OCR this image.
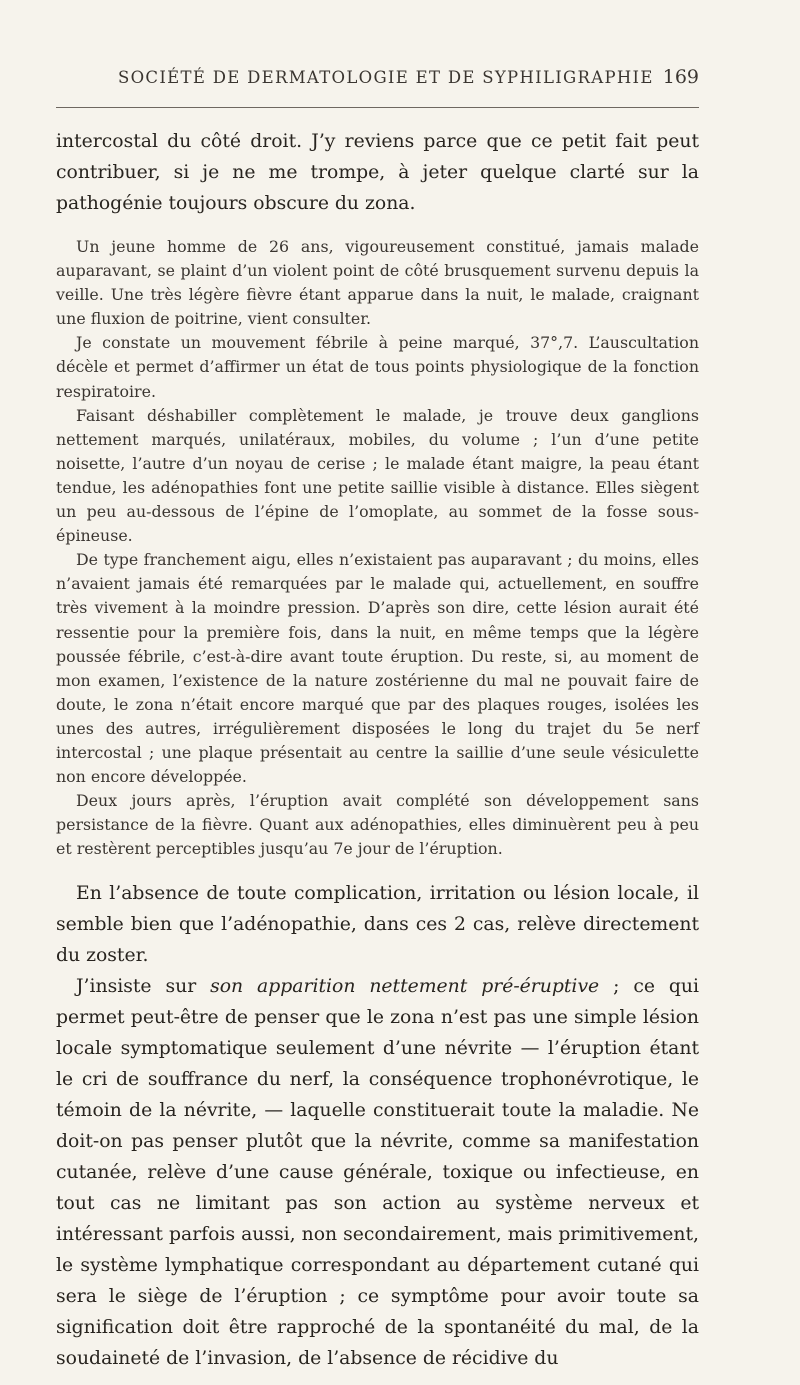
SOCIÉTÉ DE DERMATOLOGIE ET DE SYPHILIGRAPHIE 169

intercostal du côté droit. J’y reviens parce que ce petit fait peut contribuer, si je ne me trompe, à jeter quelque clarté sur la pathogénie toujours obscure du zona.

Un jeune homme de 26 ans, vigoureusement constitué, jamais malade auparavant, se plaint d’un violent point de côté brusquement survenu depuis la veille. Une très légère fièvre étant apparue dans la nuit, le malade, craignant une fluxion de poitrine, vient consulter.

Je constate un mouvement fébrile à peine marqué, 37°,7. L’auscultation décèle et permet d’affirmer un état de tous points physiologique de la fonction respiratoire.

Faisant déshabiller complètement le malade, je trouve deux ganglions nettement marqués, unilatéraux, mobiles, du volume ; l’un d’une petite noisette, l’autre d’un noyau de cerise ; le malade étant maigre, la peau étant tendue, les adénopathies font une petite saillie visible à distance. Elles siègent un peu au-dessous de l’épine de l’omoplate, au sommet de la fosse sous-épineuse.

De type franchement aigu, elles n’existaient pas auparavant ; du moins, elles n’avaient jamais été remarquées par le malade qui, actuellement, en souffre très vivement à la moindre pression. D’après son dire, cette lésion aurait été ressentie pour la première fois, dans la nuit, en même temps que la légère poussée fébrile, c’est-à-dire avant toute éruption. Du reste, si, au moment de mon examen, l’existence de la nature zostérienne du mal ne pouvait faire de doute, le zona n’était encore marqué que par des plaques rouges, isolées les unes des autres, irrégulièrement disposées le long du trajet du 5e nerf intercostal ; une plaque présentait au centre la saillie d’une seule vésiculette non encore développée.

Deux jours après, l’éruption avait complété son développement sans persistance de la fièvre. Quant aux adénopathies, elles diminuèrent peu à peu et restèrent perceptibles jusqu’au 7e jour de l’éruption.

En l’absence de toute complication, irritation ou lésion locale, il semble bien que l’adénopathie, dans ces 2 cas, relève directement du zoster.

J’insiste sur son apparition nettement pré-éruptive ; ce qui permet peut-être de penser que le zona n’est pas une simple lésion locale symptomatique seulement d’une névrite — l’éruption étant le cri de souffrance du nerf, la conséquence trophonévrotique, le témoin de la névrite, — laquelle constituerait toute la maladie. Ne doit-on pas penser plutôt que la névrite, comme sa manifestation cutanée, relève d’une cause générale, toxique ou infectieuse, en tout cas ne limitant pas son action au système nerveux et intéressant parfois aussi, non secondairement, mais primitivement, le système lymphatique correspondant au département cutané qui sera le siège de l’éruption ; ce symptôme pour avoir toute sa signification doit être rapproché de la spontanéité du mal, de la soudaineté de l’invasion, de l’absence de récidive du
